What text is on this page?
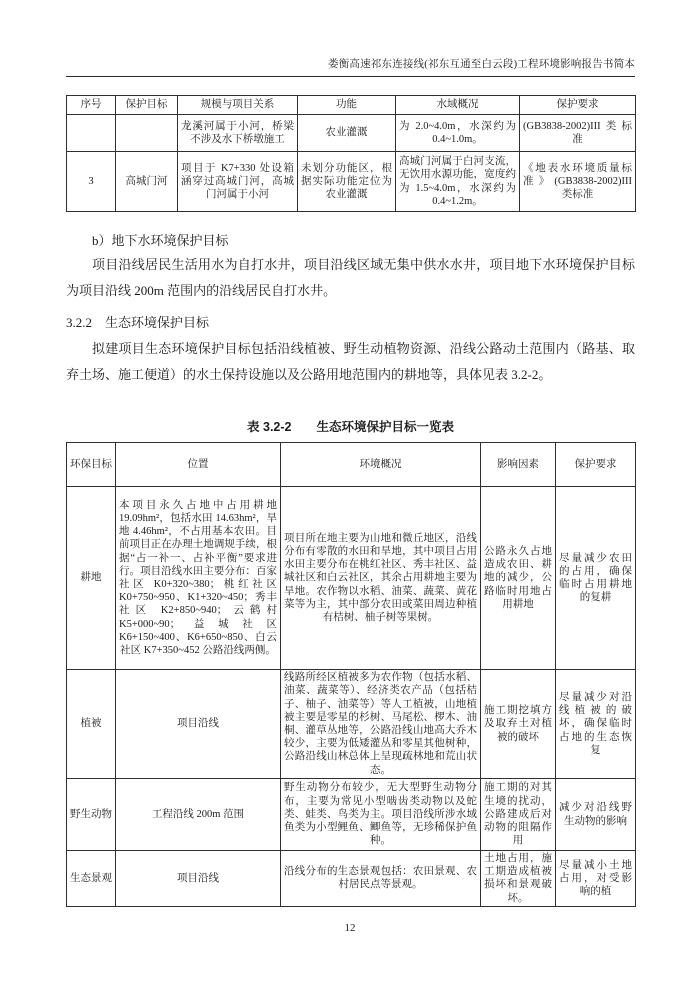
娄衡高速祁东连接线(祁东互通至白云段)工程环境影响报告书简本
序号	保护目标	规模与项目关系	功能	水域概况	保护要求
		龙溪河属于小河，桥梁不涉及水下桥墩施工	农业灌溉	为 2.0~4.0m，水深约为 0.4~1.0m。	(GB3838-2002)III类标准
3	高城门河	项目于 K7+330 处设箱涵穿过高城门河，高城门河属于小河	未划分功能区，根据实际功能定位为农业灌溉	高城门河属于白河支流，无饮用水源功能，宽度约为 1.5~4.0m，水深约为 0.4~1.2m。	《地表水环境质量标准》(GB3838-2002)III类标准
b）地下水环境保护目标
项目沿线居民生活用水为自打水井，项目沿线区域无集中供水水井，项目地下水环境保护目标为项目沿线 200m 范围内的沿线居民自打水井。
3.2.2　生态环境保护目标
拟建项目生态环境保护目标包括沿线植被、野生动植物资源、沿线公路动土范围内（路基、取弃土场、施工便道）的水土保持设施以及公路用地范围内的耕地等，具体见表 3.2-2。
表 3.2-2　　生态环境保护目标一览表
环保目标	位置	环境概况	影响因素	保护要求
耕地	本项目永久占地中占用耕地 19.09hm²，包括水田 14.63hm²，旱地 4.46hm²，不占用基本农田。目前项目正在办理土地调规手续，根据“占一补一、占补平衡”要求进行。项目沿线水田主要分布：百家社区 K0+320~380；桃红社区 K0+750~950、K1+320~450；秀丰社区 K2+850~940；云鹤村 K5+000~90；益城社区 K6+150~400、K6+650~850、白云社区 K7+350~452 公路沿线两侧。	项目所在地主要为山地和微丘地区，沿线分布有零散的水田和旱地，其中项目占用水田主要分布在桃红社区、秀丰社区、益城社区和白云社区，其余占用耕地主要为旱地。农作物以水稻、油菜、蔬菜、黄花菜等为主，其中部分农田或菜田周边种植有桔树、柚子树等果树。	公路永久占地造成农田、耕地的减少，公路临时用地占用耕地	尽量减少农田的占用，确保临时占用耕地的复耕
植被	项目沿线	线路所经区植被多为农作物（包括水稻、油菜、蔬菜等）、经济类农产品（包括桔子、柚子、油菜等）等人工植被，山地植被主要是零星的杉树、马尾松、椤木、油桐、灌草丛地等，公路沿线山地高大乔木较少，主要为低矮灌丛和零星其他树种，公路沿线山林总体上呈现疏林地和荒山状态。	施工期挖填方及取弃土对植被的破坏	尽量减少对沿线植被的破坏，确保临时占地的生态恢复
野生动物	工程沿线 200m 范围	野生动物分布较少，无大型野生动物分布，主要为常见小型啮齿类动物以及蛇类、蛙类、鸟类为主。项目沿线所涉水域鱼类为小型鲤鱼、鲫鱼等，无珍稀保护鱼种。	施工期的对其生境的扰动，公路建成后对动物的阻隔作用	减少对沿线野生动物的影响
生态景观	项目沿线	沿线分布的生态景观包括：农田景观、农村居民点等景观。	土地占用，施工期造成植被损坏和景观破坏。	尽量减小土地占用，对受影响的植
12
